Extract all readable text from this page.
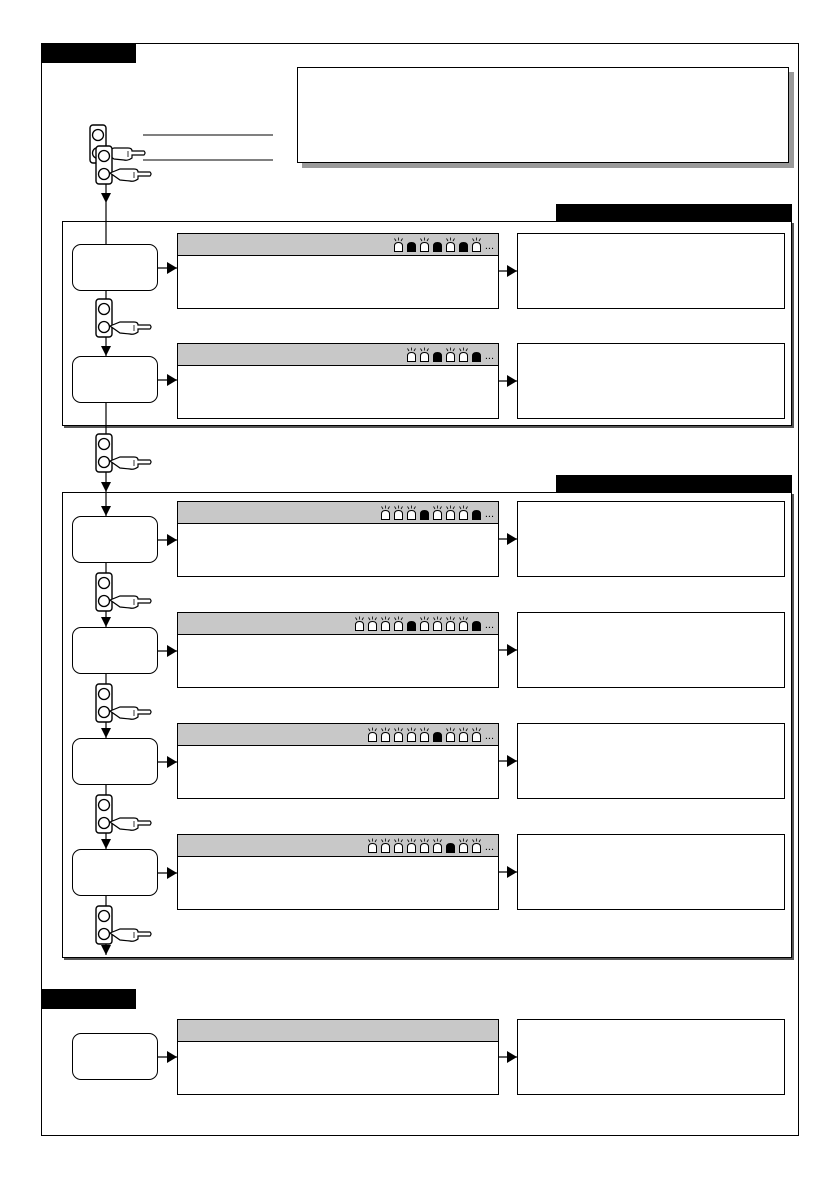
...
...
...
...
...
...
